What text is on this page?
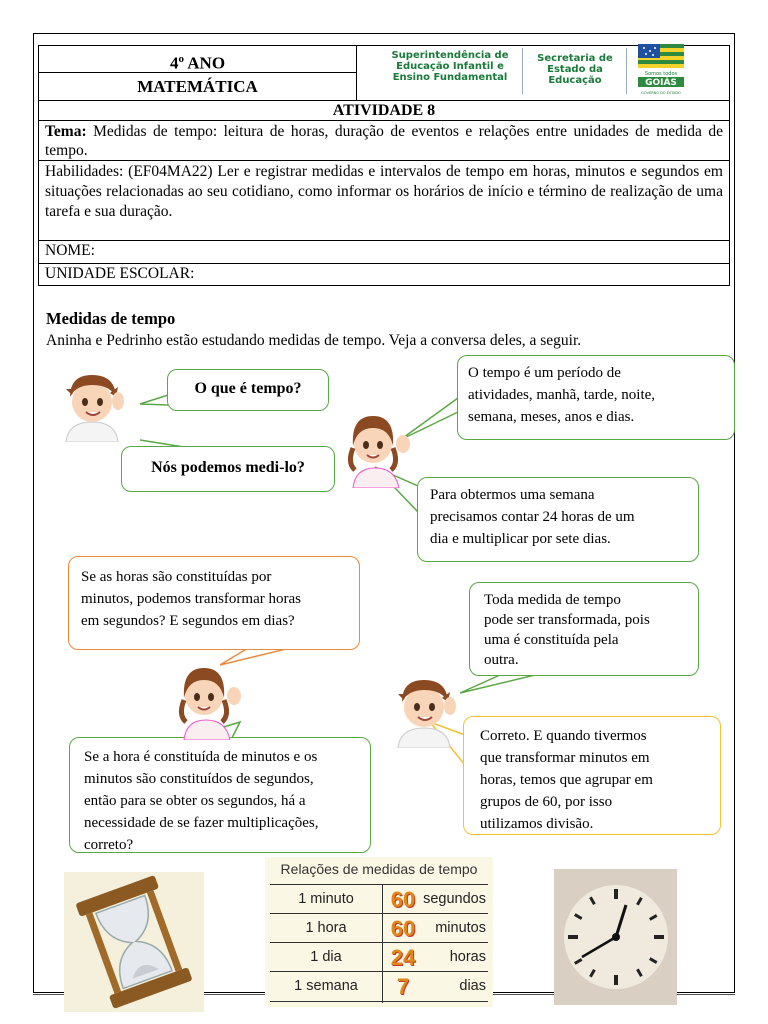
4$^o$ ANO
MATEMÁTICA
Superintendência de
Educação Infantil e
Ensino Fundamental
Secretaria de
Estado da
Educação
Somos todos
GOIÁS
GOVERNO DO ESTADO
ATIVIDADE 8
Tema: Medidas de tempo: leitura de horas, duração de eventos e relações entre unidades de medida de tempo.
Habilidades: (EF04MA22) Ler e registrar medidas e intervalos de tempo em horas, minutos e segundos em situações relacionadas ao seu cotidiano, como informar os horários de início e término de realização de uma tarefa e sua duração.
NOME:
UNIDADE ESCOLAR:
Medidas de tempo
Aninha e Pedrinho estão estudando medidas de tempo. Veja a conversa deles, a seguir.
O que é tempo?
Nós podemos medi-lo?
O tempo é um período de
atividades, manhã, tarde, noite,
semana, meses, anos e dias.
Para obtermos uma semana
precisamos contar 24 horas de um
dia e multiplicar por sete dias.
Se as horas são constituídas por
minutos, podemos transformar horas
em segundos? E segundos em dias?
Toda medida de tempo
pode ser transformada, pois
uma é constituída pela
outra.
Se a hora é constituída de minutos e os
minutos são constituídos de segundos,
então para se obter os segundos, há a
necessidade de se fazer multiplicações,
correto?
Correto. E quando tivermos
que transformar minutos em
horas, temos que agrupar em
grupos de 60, por isso
utilizamos divisão.
Relações de medidas de tempo
1 minuto	60 segundos
1 hora	60	minutos
1 dia	24	horas
1 semana	7	dias
